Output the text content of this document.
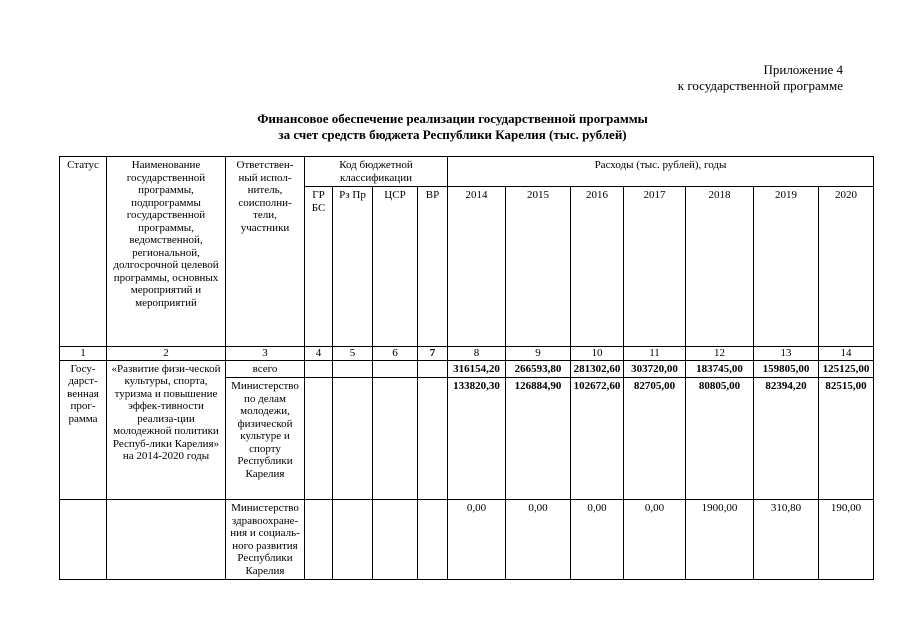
Приложение 4
к государственной программе
Финансовое обеспечение реализации государственной программы
за счет средств бюджета Республики Карелия (тыс. рублей)
Статус	Наименование государственной программы, подпрограммы государственной программы, ведомственной, региональной, долгосрочной целевой программы, основных мероприятий и мероприятий	Ответствен-ный испол-нитель, соисполни-тели, участники	Код бюджетной классификации				Расходы (тыс. рублей), годы						
			ГР БС	Рз Пр	ЦСР	ВР	2014	2015	2016	2017	2018	2019	2020
1	2	3	4	5	6	7	8	9	10	11	12	13	14
Госу-дарст-венная прог-рамма	«Развитие физи-ческой культуры, спорта, туризма и повышение эффек-тивности реализа-ции молодежной политики Респуб-лики Карелия» на 2014-2020 годы	всего					316154,20	266593,80	281302,60	303720,00	183745,00	159805,00	125125,00
		Министерство по делам молодежи, физической культуре и спорту Республики Карелия					133820,30	126884,90	102672,60	82705,00	80805,00	82394,20	82515,00
		Министерство здравоохране-ния и социаль-ного развития Республики Карелия					0,00	0,00	0,00	0,00	1900,00	310,80	190,00
